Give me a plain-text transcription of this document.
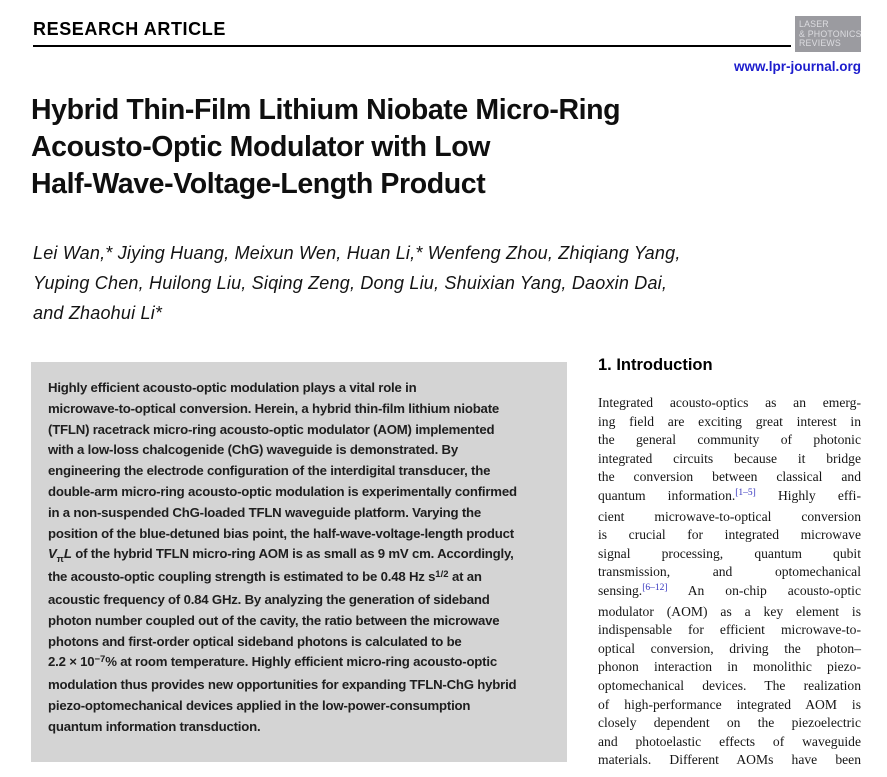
RESEARCH ARTICLE	LASER
& PHOTONICS
REVIEWS
www.lpr-journal.org
Hybrid Thin-Film Lithium Niobate Micro-Ring
Acousto-Optic Modulator with Low
Half-Wave-Voltage-Length Product
Lei Wan,* Jiying Huang, Meixun Wen, Huan Li,* Wenfeng Zhou, Zhiqiang Yang,
Yuping Chen, Huilong Liu, Siqing Zeng, Dong Liu, Shuixian Yang, Daoxin Dai,
and Zhaohui Li*
Highly efficient acousto-optic modulation plays a vital role in
microwave-to-optical conversion. Herein, a hybrid thin-film lithium niobate
(TFLN) racetrack micro-ring acousto-optic modulator (AOM) implemented
with a low-loss chalcogenide (ChG) waveguide is demonstrated. By
engineering the electrode configuration of the interdigital transducer, the
double-arm micro-ring acousto-optic modulation is experimentally confirmed
in a non-suspended ChG-loaded TFLN waveguide platform. Varying the
position of the blue-detuned bias point, the half-wave-voltage-length product
$V_\pi L$ of the hybrid TFLN micro-ring AOM is as small as 9 mV cm. Accordingly,
the acousto-optic coupling strength is estimated to be 0.48 Hz $s^{1/2}$ at an
acoustic frequency of 0.84 GHz. By analyzing the generation of sideband
photon number coupled out of the cavity, the ratio between the microwave
photons and first-order optical sideband photons is calculated to be
$2.2 \times 10^{-7}\%$ at room temperature. Highly efficient micro-ring acousto-optic
modulation thus provides new opportunities for expanding TFLN-ChG hybrid
piezo-optomechanical devices applied in the low-power-consumption
quantum information transduction.
1. Introduction
Integrated acousto-optics as an emerg-
ing field are exciting great interest in
the general community of photonic
integrated circuits because it bridge
the conversion between classical and
quantum information.[1–5] Highly effi-
cient microwave-to-optical conversion
is crucial for integrated microwave
signal processing, quantum qubit
transmission, and optomechanical
sensing.[6–12] An on-chip acousto-optic
modulator (AOM) as a key element is
indispensable for efficient microwave-to-
optical conversion, driving the photon–
phonon interaction in monolithic piezo-
optomechanical devices. The realization
of high-performance integrated AOM is
closely dependent on the piezoelectric
and photoelastic effects of waveguide
materials. Different AOMs have been
